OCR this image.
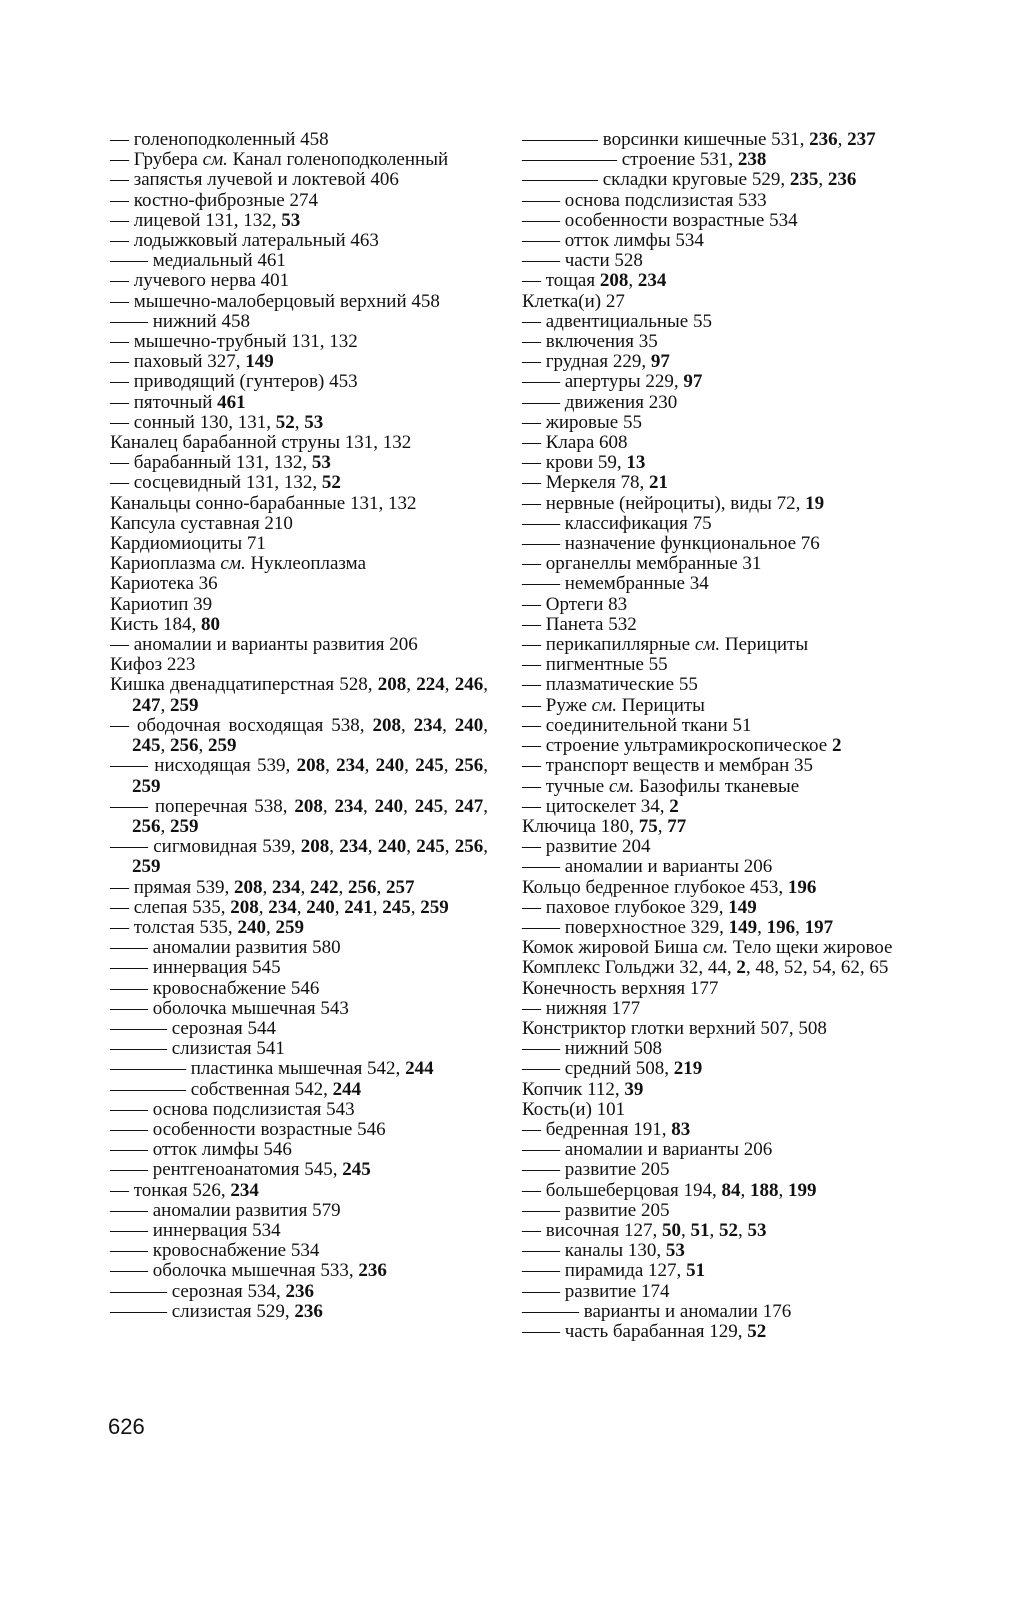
— голеноподколенный 458
— Грубера см. Канал голеноподколенный
— запястья лучевой и локтевой 406
— костно-фиброзные 274
— лицевой 131, 132, 53
— лодыжковый латеральный 463
—— медиальный 461
— лучевого нерва 401
— мышечно-малоберцовый верхний 458
—— нижний 458
— мышечно-трубный 131, 132
— паховый 327, 149
— приводящий (гунтеров) 453
— пяточный 461
— сонный 130, 131, 52, 53
Каналец барабанной струны 131, 132
— барабанный 131, 132, 53
— сосцевидный 131, 132, 52
Канальцы сонно-барабанные 131, 132
Капсула суставная 210
Кардиомиоциты 71
Кариоплазма см. Нуклеоплазма
Кариотека 36
Кариотип 39
Кисть 184, 80
— аномалии и варианты развития 206
Кифоз 223
Кишка двенадцатиперстная 528, 208, 224, 246, 247, 259
— ободочная восходящая 538, 208, 234, 240, 245, 256, 259
—— нисходящая 539, 208, 234, 240, 245, 256, 259
—— поперечная 538, 208, 234, 240, 245, 247, 256, 259
—— сигмовидная 539, 208, 234, 240, 245, 256, 259
— прямая 539, 208, 234, 242, 256, 257
— слепая 535, 208, 234, 240, 241, 245, 259
— толстая 535, 240, 259
—— аномалии развития 580
—— иннервация 545
—— кровоснабжение 546
—— оболочка мышечная 543
——— серозная 544
——— слизистая 541
———— пластинка мышечная 542, 244
———— собственная 542, 244
—— основа подслизистая 543
—— особенности возрастные 546
—— отток лимфы 546
—— рентгеноанатомия 545, 245
— тонкая 526, 234
—— аномалии развития 579
—— иннервация 534
—— кровоснабжение 534
—— оболочка мышечная 533, 236
——— серозная 534, 236
——— слизистая 529, 236
———— ворсинки кишечные 531, 236, 237
————— строение 531, 238
———— складки круговые 529, 235, 236
—— основа подслизистая 533
—— особенности возрастные 534
—— отток лимфы 534
—— части 528
— тощая 208, 234
Клетка(и) 27
— адвентициальные 55
— включения 35
— грудная 229, 97
—— апертуры 229, 97
—— движения 230
— жировые 55
— Клара 608
— крови 59, 13
— Меркеля 78, 21
— нервные (нейроциты), виды 72, 19
—— классификация 75
—— назначение функциональное 76
— органеллы мембранные 31
—— немембранные 34
— Ортеги 83
— Панета 532
— перикапиллярные см. Перициты
— пигментные 55
— плазматические 55
— Руже см. Перициты
— соединительной ткани 51
— строение ультрамикроскопическое 2
— транспорт веществ и мембран 35
— тучные см. Базофилы тканевые
— цитоскелет 34, 2
Ключица 180, 75, 77
— развитие 204
—— аномалии и варианты 206
Кольцо бедренное глубокое 453, 196
— паховое глубокое 329, 149
—— поверхностное 329, 149, 196, 197
Комок жировой Биша см. Тело щеки жировое
Комплекс Гольджи 32, 44, 2, 48, 52, 54, 62, 65
Конечность верхняя 177
— нижняя 177
Констриктор глотки верхний 507, 508
—— нижний 508
—— средний 508, 219
Копчик 112, 39
Кость(и) 101
— бедренная 191, 83
—— аномалии и варианты 206
—— развитие 205
— большеберцовая 194, 84, 188, 199
—— развитие 205
— височная 127, 50, 51, 52, 53
—— каналы 130, 53
—— пирамида 127, 51
—— развитие 174
——— варианты и аномалии 176
—— часть барабанная 129, 52
626
